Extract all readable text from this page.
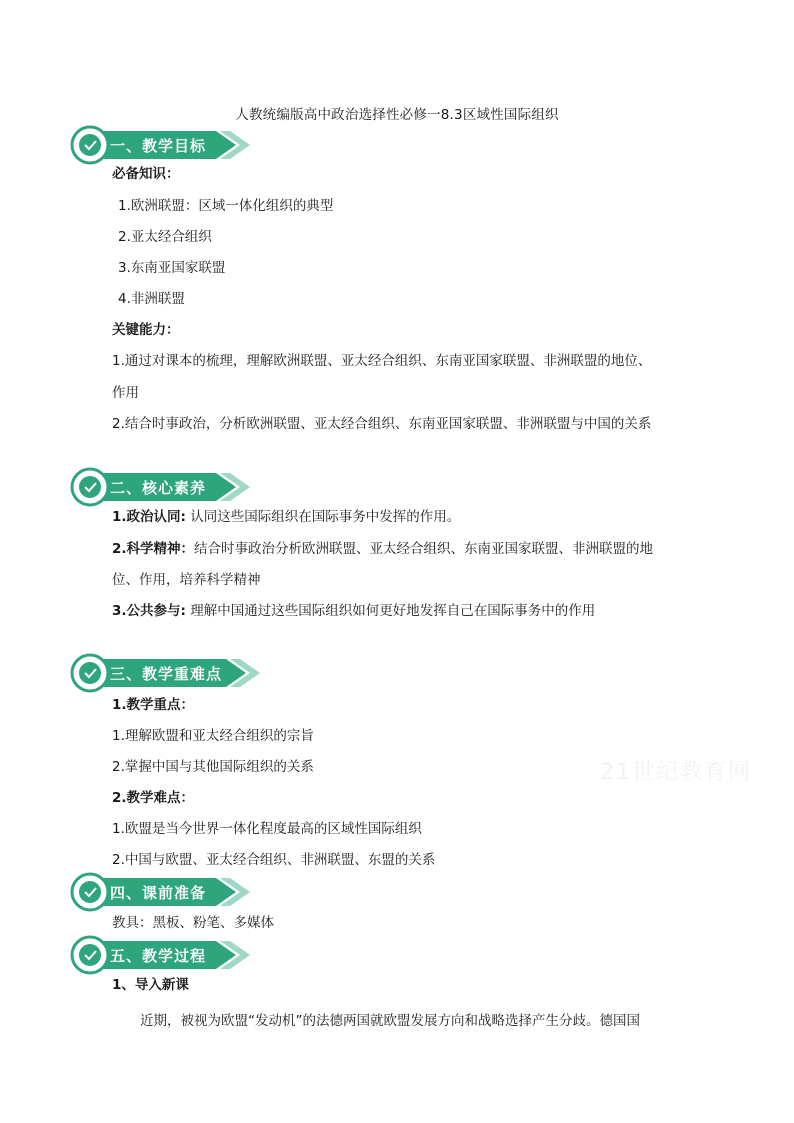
人教统编版高中政治选择性必修一8.3区域性国际组织
一、教学目标
必备知识：
1.欧洲联盟：区域一体化组织的典型
2.亚太经合组织
3.东南亚国家联盟
4.非洲联盟
关键能力：
1.通过对课本的梳理，理解欧洲联盟、亚太经合组织、东南亚国家联盟、非洲联盟的地位、
作用
2.结合时事政治，分析欧洲联盟、亚太经合组织、东南亚国家联盟、非洲联盟与中国的关系
二、核心素养
1.政治认同: 认同这些国际组织在国际事务中发挥的作用。
2.科学精神：结合时事政治分析欧洲联盟、亚太经合组织、东南亚国家联盟、非洲联盟的地
位、作用，培养科学精神
3.公共参与: 理解中国通过这些国际组织如何更好地发挥自己在国际事务中的作用
三、教学重难点
1.教学重点：
1.理解欧盟和亚太经合组织的宗旨
2.掌握中国与其他国际组织的关系
2.教学难点：
1.欧盟是当今世界一体化程度最高的区域性国际组织
2.中国与欧盟、亚太经合组织、非洲联盟、东盟的关系
21世纪教育网
四、课前准备
教具：黑板、粉笔、多媒体
五、教学过程
1、导入新课
近期，被视为欧盟“发动机”的法德两国就欧盟发展方向和战略选择产生分歧。德国国
